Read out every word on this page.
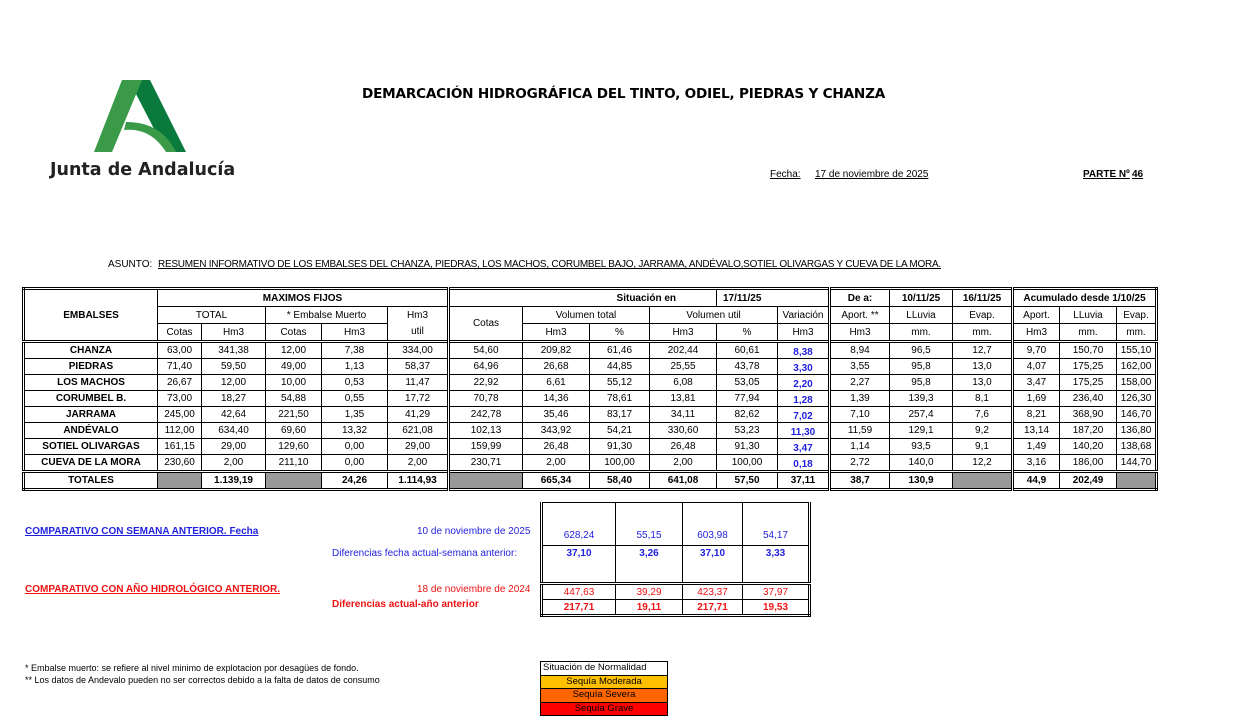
Junta de Andalucía
DEMARCACIÓN HIDROGRÁFICA DEL TINTO, ODIEL, PIEDRAS Y CHANZA
Fecha: 17 de noviembre de 2025	PARTE Nº 46
ASUNTO: RESUMEN INFORMATIVO DE LOS EMBALSES DEL CHANZA, PIEDRAS, LOS MACHOS, CORUMBEL BAJO, JARRAMA, ANDÉVALO,SOTIEL OLIVARGAS Y CUEVA DE LA MORA.
EMBALSES	MAXIMOS FIJOS					Situación en				17/11/25		De a:	10/11/25	16/11/25	Acumulado desde 1/10/25		
	TOTAL		* Embalse Muerto		Hm3	Cotas	Volumen total		Volumen util		Variación	Aport. **	LLuvia	Evap.	Aport.	LLuvia	Evap.
	Cotas	Hm3	Cotas	Hm3	util		Hm3	%	Hm3	%	Hm3	Hm3	mm.	mm.	Hm3	mm.	mm.
CHANZA	63,00	341,38	12,00	7,38	334,00	54,60	209,82	61,46	202,44	60,61	8,38	8,94	96,5	12,7	9,70	150,70	155,10
PIEDRAS	71,40	59,50	49,00	1,13	58,37	64,96	26,68	44,85	25,55	43,78	3,30	3,55	95,8	13,0	4,07	175,25	162,00
LOS MACHOS	26,67	12,00	10,00	0,53	11,47	22,92	6,61	55,12	6,08	53,05	2,20	2,27	95,8	13,0	3,47	175,25	158,00
CORUMBEL B.	73,00	18,27	54,88	0,55	17,72	70,78	14,36	78,61	13,81	77,94	1,28	1,39	139,3	8,1	1,69	236,40	126,30
JARRAMA	245,00	42,64	221,50	1,35	41,29	242,78	35,46	83,17	34,11	82,62	7,02	7,10	257,4	7,6	8,21	368,90	146,70
ANDÉVALO	112,00	634,40	69,60	13,32	621,08	102,13	343,92	54,21	330,60	53,23	11,30	11,59	129,1	9,2	13,14	187,20	136,80
SOTIEL OLIVARGAS	161,15	29,00	129,60	0,00	29,00	159,99	26,48	91,30	26,48	91,30	3,47	1,14	93,5	9,1	1,49	140,20	138,68
CUEVA DE LA MORA	230,60	2,00	211,10	0,00	2,00	230,71	2,00	100,00	2,00	100,00	0,18	2,72	140,0	12,2	3,16	186,00	144,70
TOTALES		1.139,19		24,26	1.114,93		665,34	58,40	641,08	57,50	37,11	38,7	130,9		44,9	202,49	
COMPARATIVO CON SEMANA ANTERIOR. Fecha	10 de noviembre de 2025
Diferencias fecha actual-semana anterior:
COMPARATIVO CON AÑO HIDROLÓGICO ANTERIOR.	18 de noviembre de 2024
Diferencias actual-año anterior
628,24	55,15	603,98	54,17
37,10	3,26	37,10	3,33
447,63	39,29	423,37	37,97
217,71	19,11	217,71	19,53
* Embalse muerto: se refiere al nivel minimo de explotacion por desagües de fondo.
** Los datos de Andevalo pueden no ser correctos debido a la falta de datos de consumo
Situación de Normalidad
Sequía Moderada
Sequía Severa
Sequía Grave
